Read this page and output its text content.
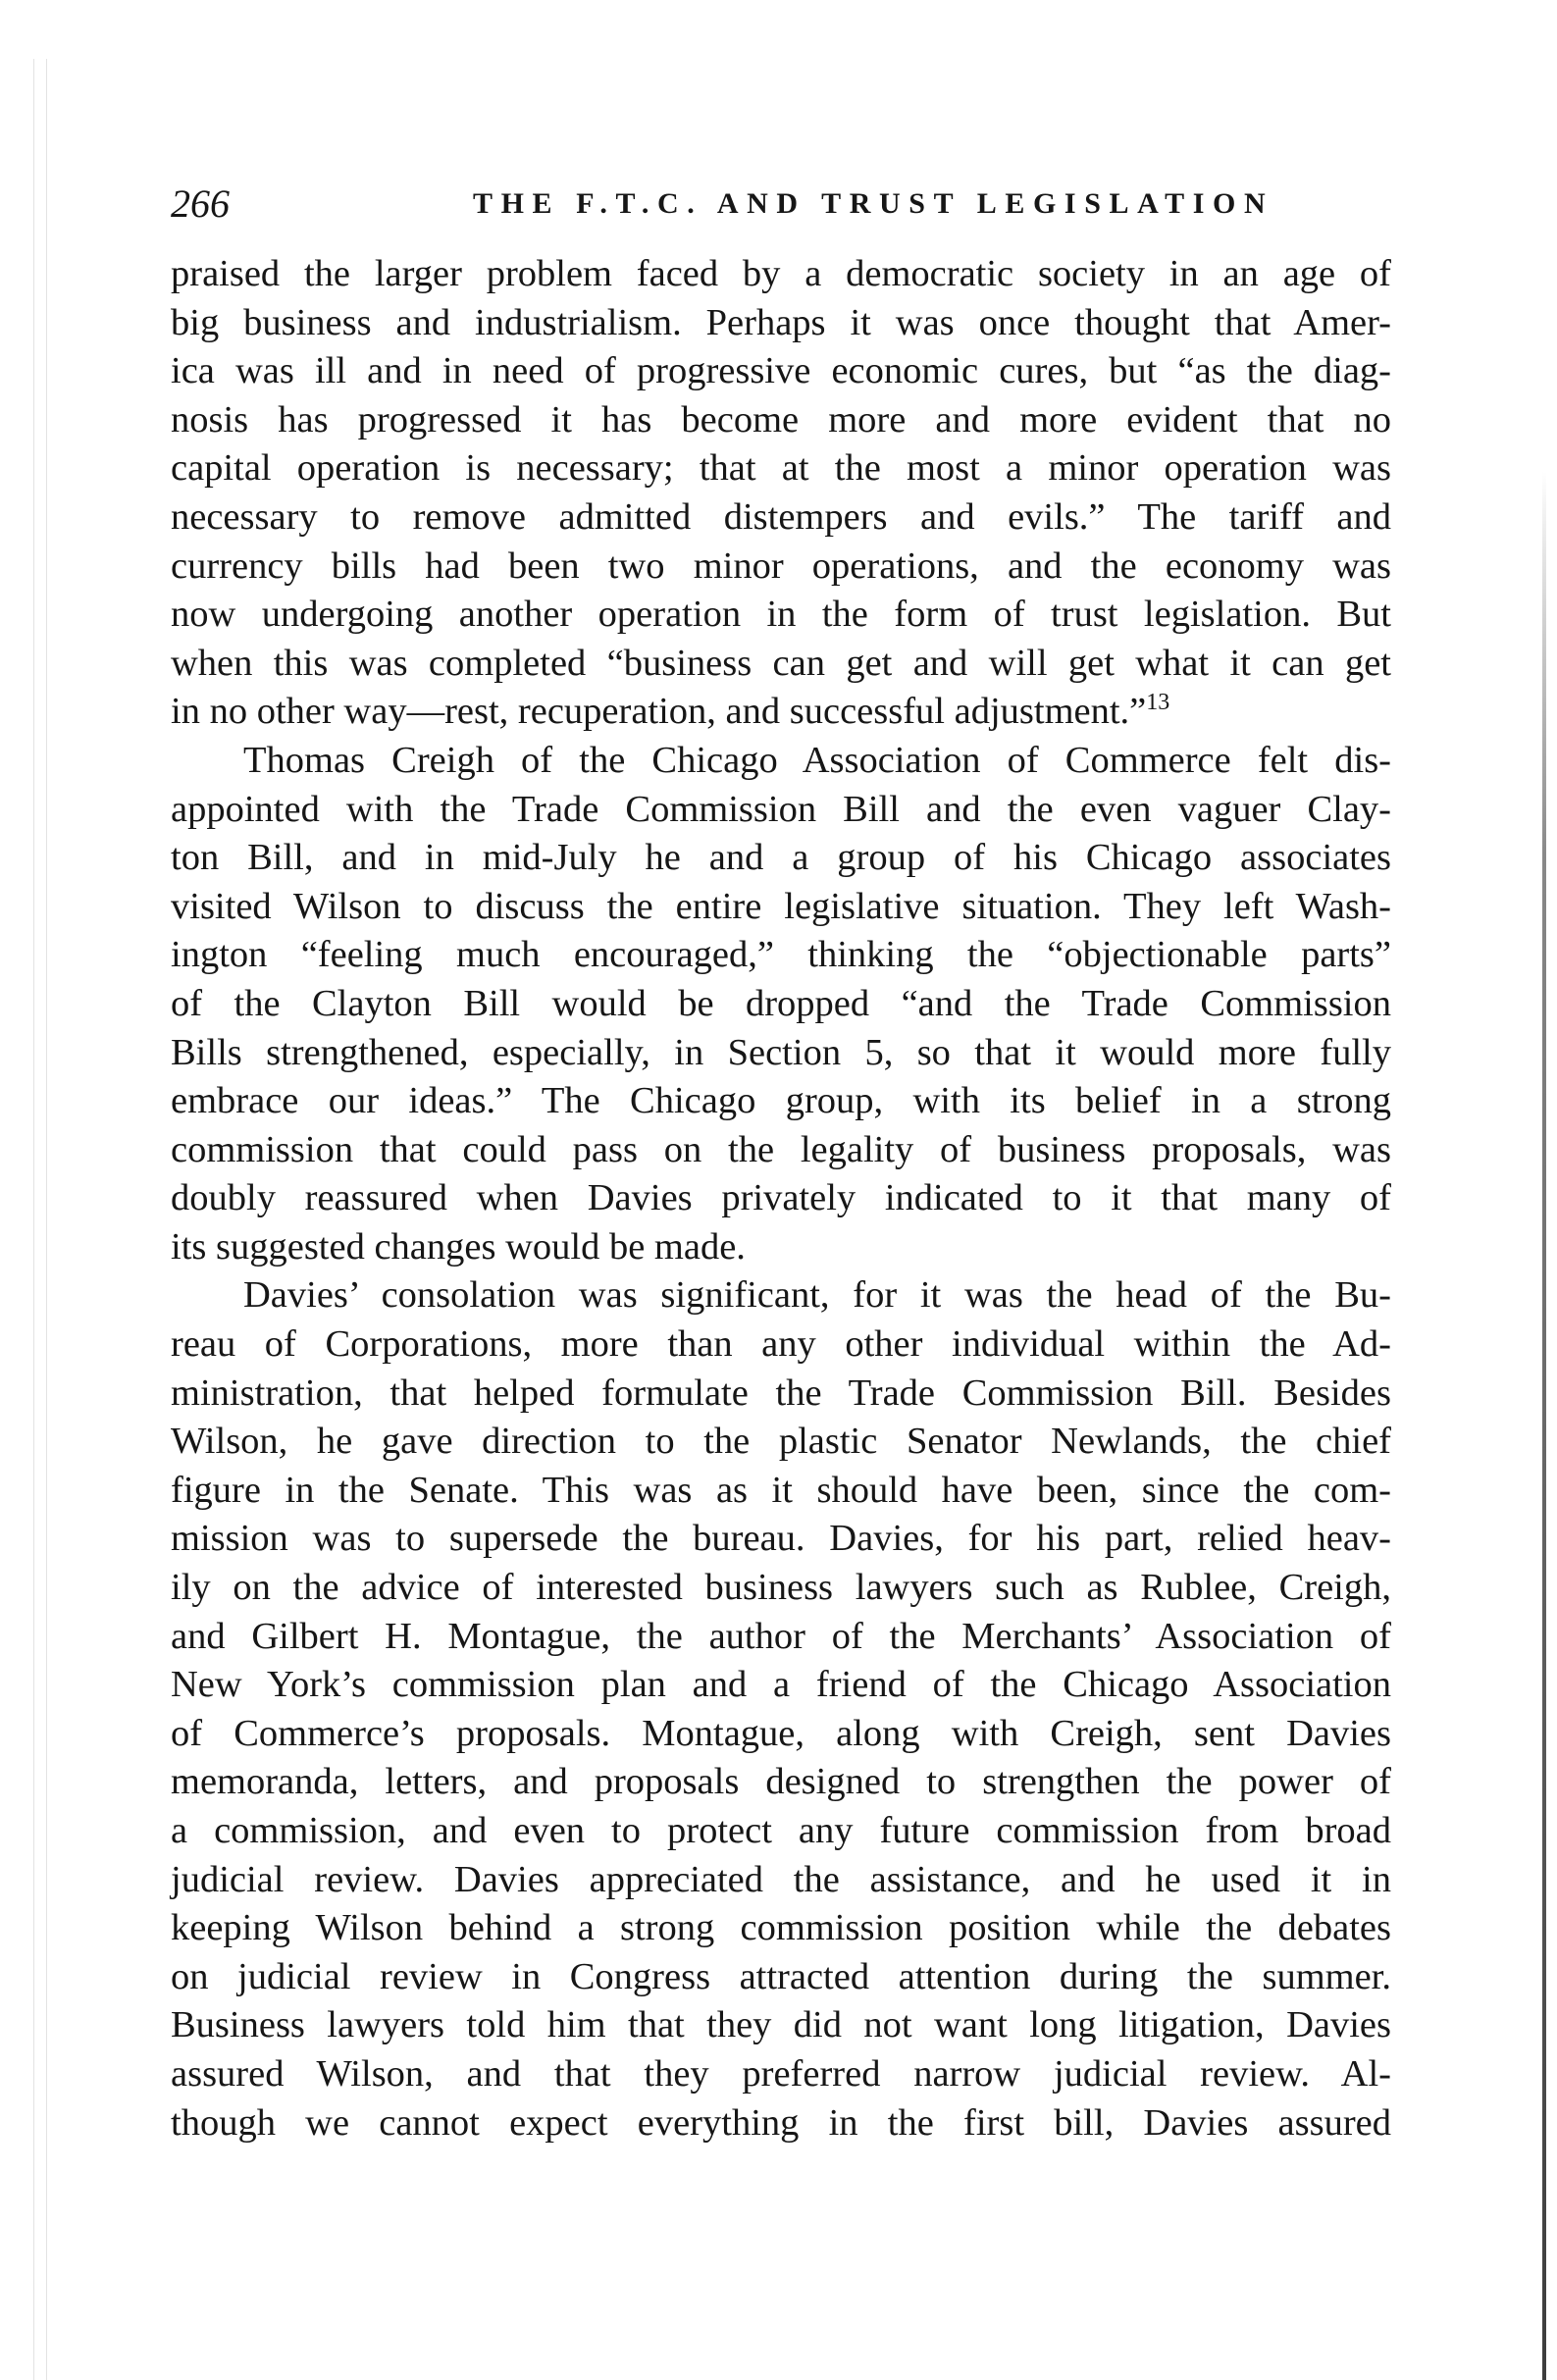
266	THE F.T.C. AND TRUST LEGISLATION
praised the larger problem faced by a democratic society in an age of
big business and industrialism. Perhaps it was once thought that Amer-
ica was ill and in need of progressive economic cures, but “as the diag-
nosis has progressed it has become more and more evident that no
capital operation is necessary; that at the most a minor operation was
necessary to remove admitted distempers and evils.” The tariff and
currency bills had been two minor operations, and the economy was
now undergoing another operation in the form of trust legislation. But
when this was completed “business can get and will get what it can get
in no other way—rest, recuperation, and successful adjustment.”$^{13}$
Thomas Creigh of the Chicago Association of Commerce felt dis-
appointed with the Trade Commission Bill and the even vaguer Clay-
ton Bill, and in mid-July he and a group of his Chicago associates
visited Wilson to discuss the entire legislative situation. They left Wash-
ington “feeling much encouraged,” thinking the “objectionable parts”
of the Clayton Bill would be dropped “and the Trade Commission
Bills strengthened, especially, in Section 5, so that it would more fully
embrace our ideas.” The Chicago group, with its belief in a strong
commission that could pass on the legality of business proposals, was
doubly reassured when Davies privately indicated to it that many of
its suggested changes would be made.
Davies’ consolation was significant, for it was the head of the Bu-
reau of Corporations, more than any other individual within the Ad-
ministration, that helped formulate the Trade Commission Bill. Besides
Wilson, he gave direction to the plastic Senator Newlands, the chief
figure in the Senate. This was as it should have been, since the com-
mission was to supersede the bureau. Davies, for his part, relied heav-
ily on the advice of interested business lawyers such as Rublee, Creigh,
and Gilbert H. Montague, the author of the Merchants’ Association of
New York’s commission plan and a friend of the Chicago Association
of Commerce’s proposals. Montague, along with Creigh, sent Davies
memoranda, letters, and proposals designed to strengthen the power of
a commission, and even to protect any future commission from broad
judicial review. Davies appreciated the assistance, and he used it in
keeping Wilson behind a strong commission position while the debates
on judicial review in Congress attracted attention during the summer.
Business lawyers told him that they did not want long litigation, Davies
assured Wilson, and that they preferred narrow judicial review. Al-
though we cannot expect everything in the first bill, Davies assured
